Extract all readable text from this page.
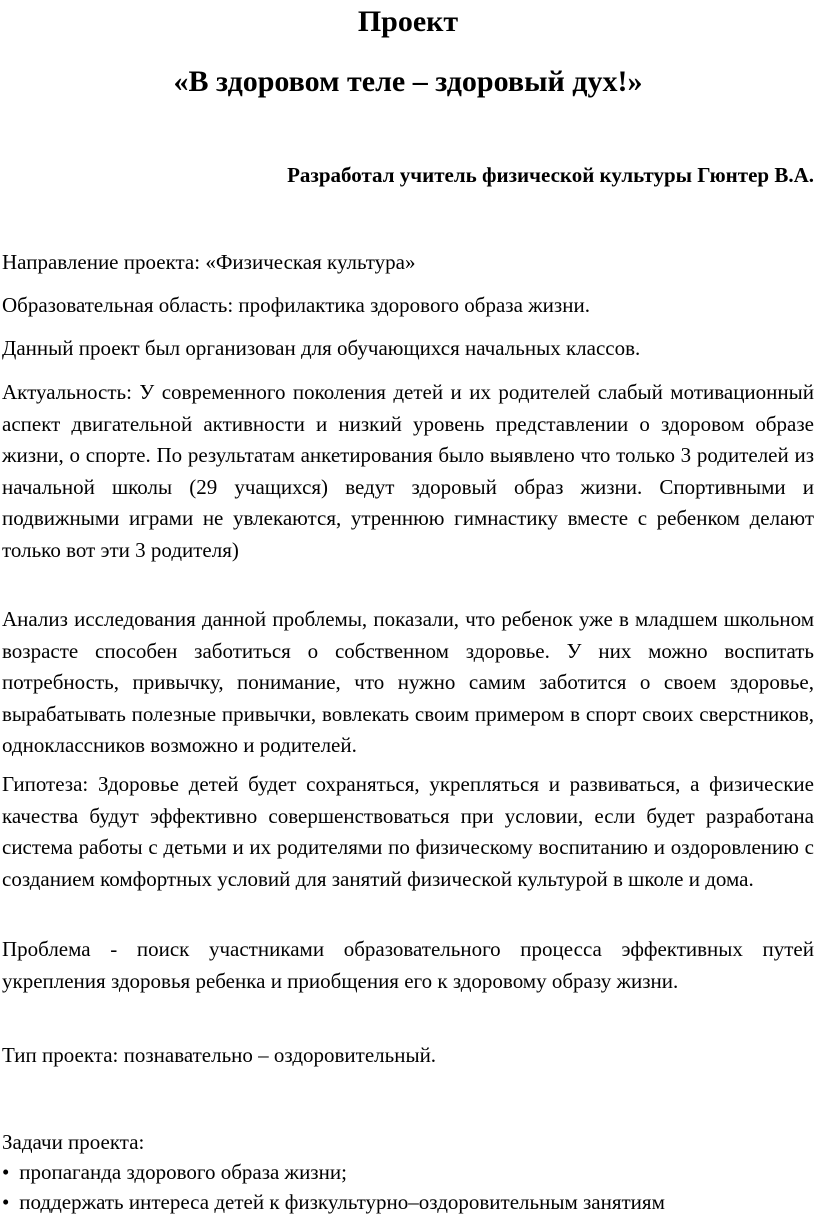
Проект
«В здоровом теле – здоровый дух!»

Разработал учитель физической культуры Гюнтер В.А.

Направление проекта: «Физическая культура»

Образовательная область: профилактика здорового образа жизни.

Данный проект был организован для обучающихся начальных классов.

Актуальность: У современного поколения детей и их родителей слабый мотивационный аспект двигательной активности и низкий уровень представлении о здоровом образе жизни, о спорте. По результатам анкетирования было выявлено что только 3 родителей из начальной школы (29 учащихся) ведут здоровый образ жизни. Спортивными и подвижными играми не увлекаются, утреннюю гимнастику вместе с ребенком делают только вот эти 3 родителя)

Анализ исследования данной проблемы, показали, что ребенок уже в младшем школьном возрасте способен заботиться о собственном здоровье. У них можно воспитать потребность, привычку, понимание, что нужно самим заботится о своем здоровье, вырабатывать полезные привычки, вовлекать своим примером в спорт своих сверстников, одноклассников возможно и родителей.

Гипотеза: Здоровье детей будет сохраняться, укрепляться и развиваться, а физические качества будут эффективно совершенствоваться при условии, если будет разработана система работы с детьми и их родителями по физическому воспитанию и оздоровлению с созданием комфортных условий для занятий физической культурой в школе и дома.

Проблема - поиск участниками образовательного процесса эффективных путей укрепления здоровья ребенка и приобщения его к здоровому образу жизни.

Тип проекта: познавательно – оздоровительный.

Задачи проекта:

• пропаганда здорового образа жизни;
• поддержать интереса детей к физкультурно–оздоровительным занятиям
